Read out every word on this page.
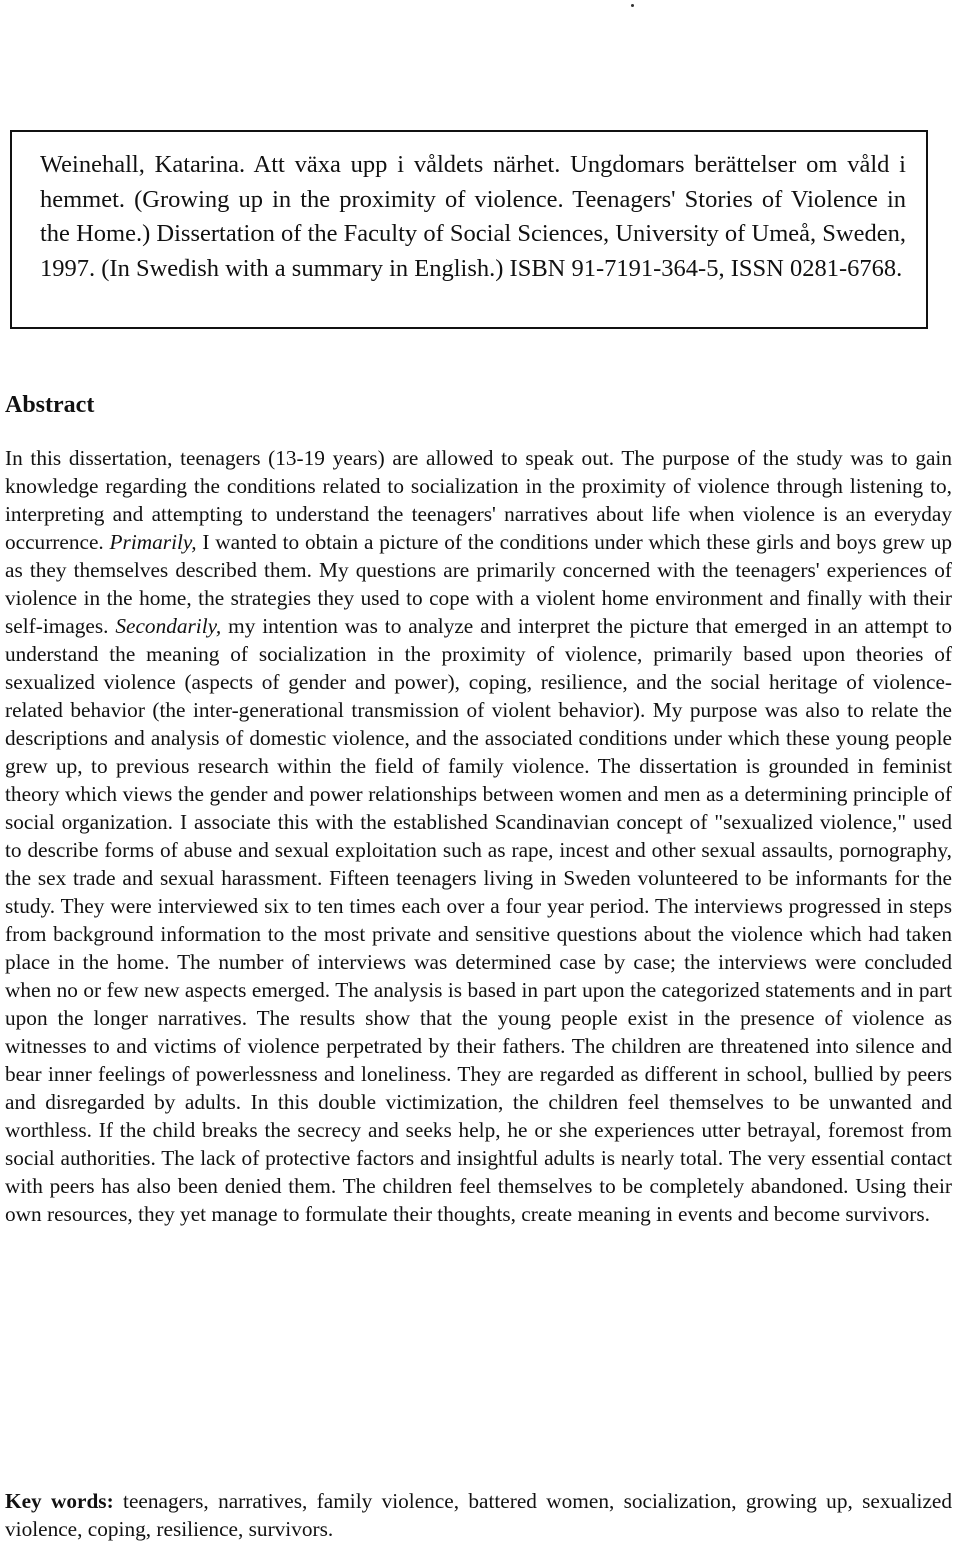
Weinehall, Katarina. Att växa upp i våldets närhet. Ungdomars berättelser om våld i hemmet. (Growing up in the proximity of violence. Teenagers' Stories of Violence in the Home.) Dissertation of the Faculty of Social Sciences, University of Umeå, Sweden, 1997. (In Swedish with a summary in English.) ISBN 91-7191-364-5, ISSN 0281-6768.
Abstract

In this dissertation, teenagers (13-19 years) are allowed to speak out. The purpose of the study was to gain knowledge regarding the conditions related to socialization in the proximity of violence through listening to, interpreting and attempting to understand the teenagers' narratives about life when violence is an everyday occurrence. Primarily, I wanted to obtain a picture of the conditions under which these girls and boys grew up as they themselves described them. My questions are primarily concerned with the teenagers' experiences of violence in the home, the strategies they used to cope with a violent home environment and finally with their self-images. Secondarily, my intention was to analyze and interpret the picture that emerged in an attempt to understand the meaning of socialization in the proximity of violence, primarily based upon theories of sexualized violence (aspects of gender and power), coping, resilience, and the social heritage of violence-related behavior (the inter-generational transmission of violent behavior). My purpose was also to relate the descriptions and analysis of domestic violence, and the associated conditions under which these young people grew up, to previous research within the field of family violence. The dissertation is grounded in feminist theory which views the gender and power relationships between women and men as a determining principle of social organization. I associate this with the established Scandinavian concept of "sexualized violence," used to describe forms of abuse and sexual exploitation such as rape, incest and other sexual assaults, pornography, the sex trade and sexual harassment. Fifteen teenagers living in Sweden volunteered to be informants for the study. They were interviewed six to ten times each over a four year period. The interviews progressed in steps from background information to the most private and sensitive questions about the violence which had taken place in the home. The number of interviews was determined case by case; the interviews were concluded when no or few new aspects emerged. The analysis is based in part upon the categorized statements and in part upon the longer narratives. The results show that the young people exist in the presence of violence as witnesses to and victims of violence perpetrated by their fathers. The children are threatened into silence and bear inner feelings of powerlessness and loneliness. They are regarded as different in school, bullied by peers and disregarded by adults. In this double victimization, the children feel themselves to be unwanted and worthless. If the child breaks the secrecy and seeks help, he or she experiences utter betrayal, foremost from social authorities. The lack of protective factors and insightful adults is nearly total. The very essential contact with peers has also been denied them. The children feel themselves to be completely abandoned. Using their own resources, they yet manage to formulate their thoughts, create meaning in events and become survivors.

Key words: teenagers, narratives, family violence, battered women, socialization, growing up, sexualized violence, coping, resilience, survivors.
